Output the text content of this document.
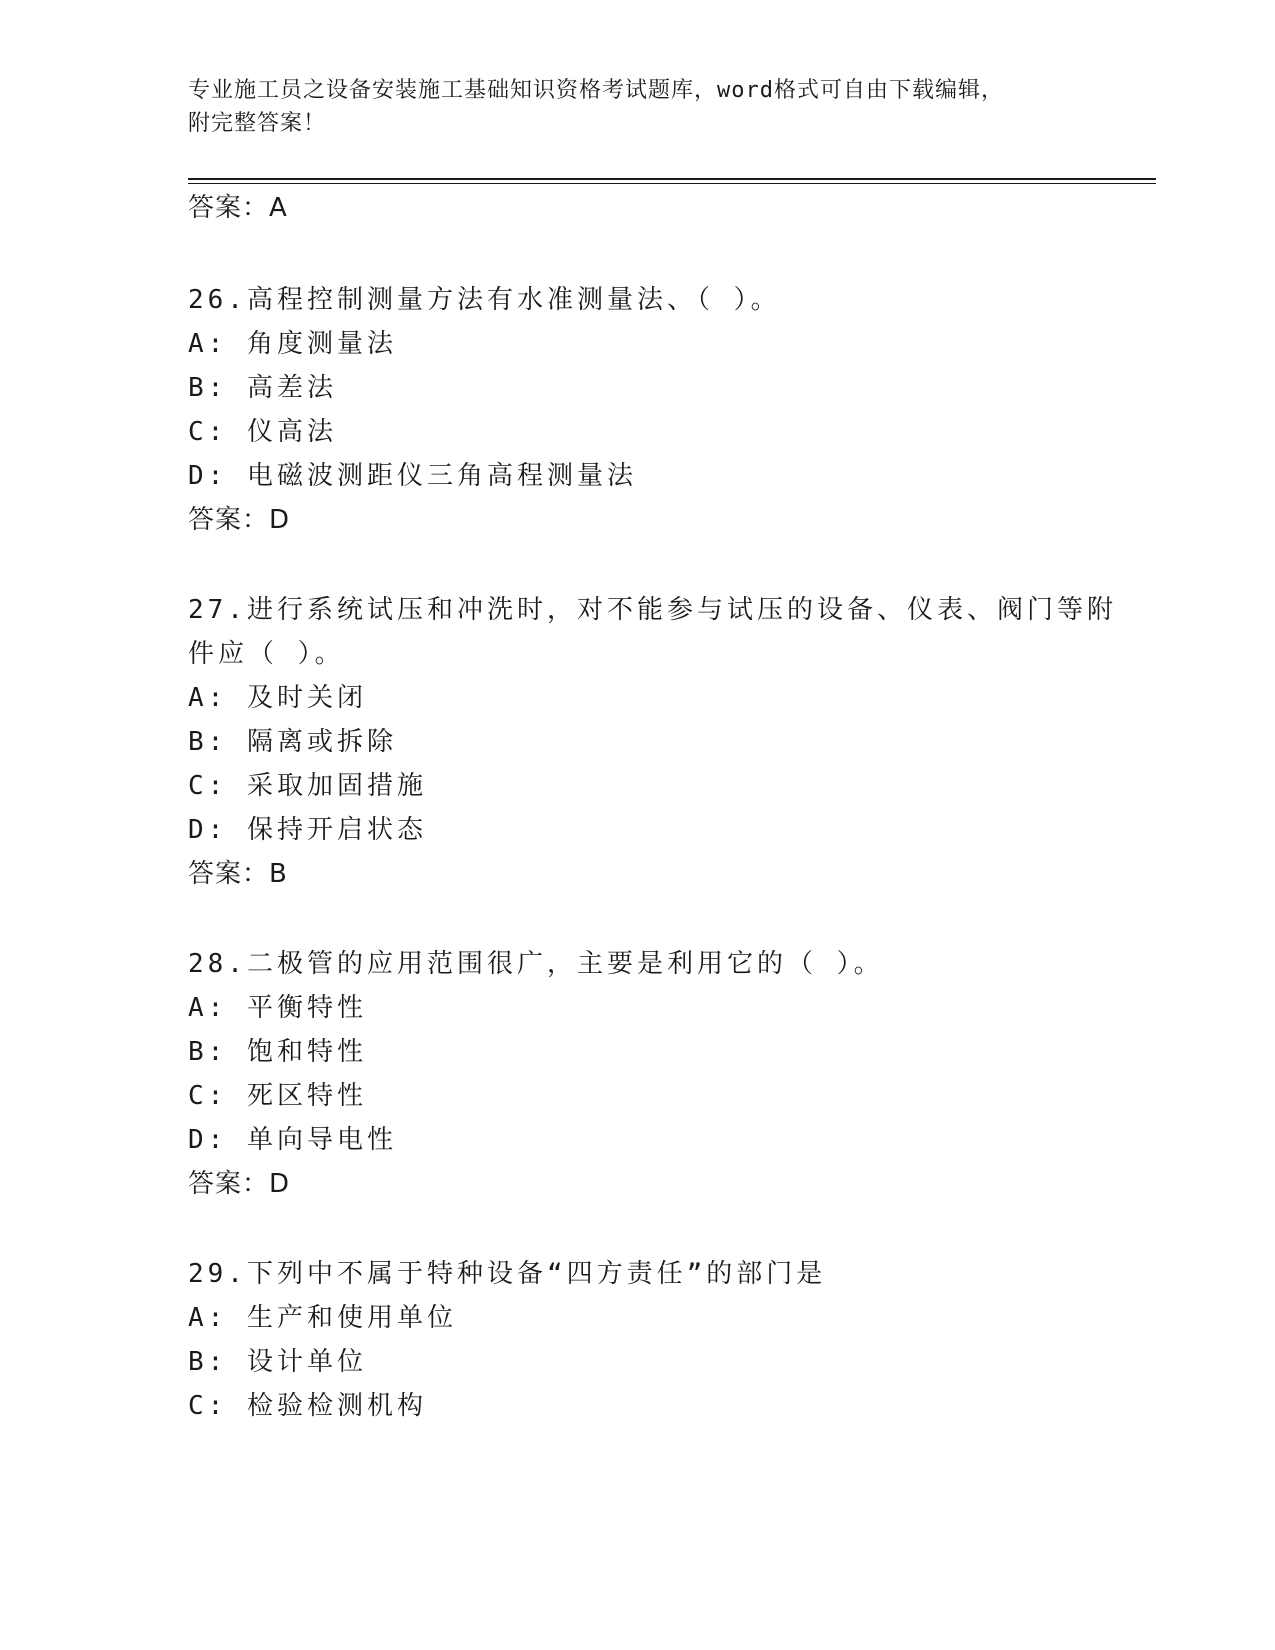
专业施工员之设备安装施工基础知识资格考试题库，word格式可自由下载编辑，
附完整答案！
答案：A
26.高程控制测量方法有水准测量法、（ ）。
A: 角度测量法
B: 高差法
C: 仪高法
D: 电磁波测距仪三角高程测量法
答案：D
27.进行系统试压和冲洗时，对不能参与试压的设备、仪表、阀门等附
件应（ ）。
A: 及时关闭
B: 隔离或拆除
C: 采取加固措施
D: 保持开启状态
答案：B
28.二极管的应用范围很广，主要是利用它的（ ）。
A: 平衡特性
B: 饱和特性
C: 死区特性
D: 单向导电性
答案：D
29.下列中不属于特种设备“四方责任”的部门是
A: 生产和使用单位
B: 设计单位
C: 检验检测机构
